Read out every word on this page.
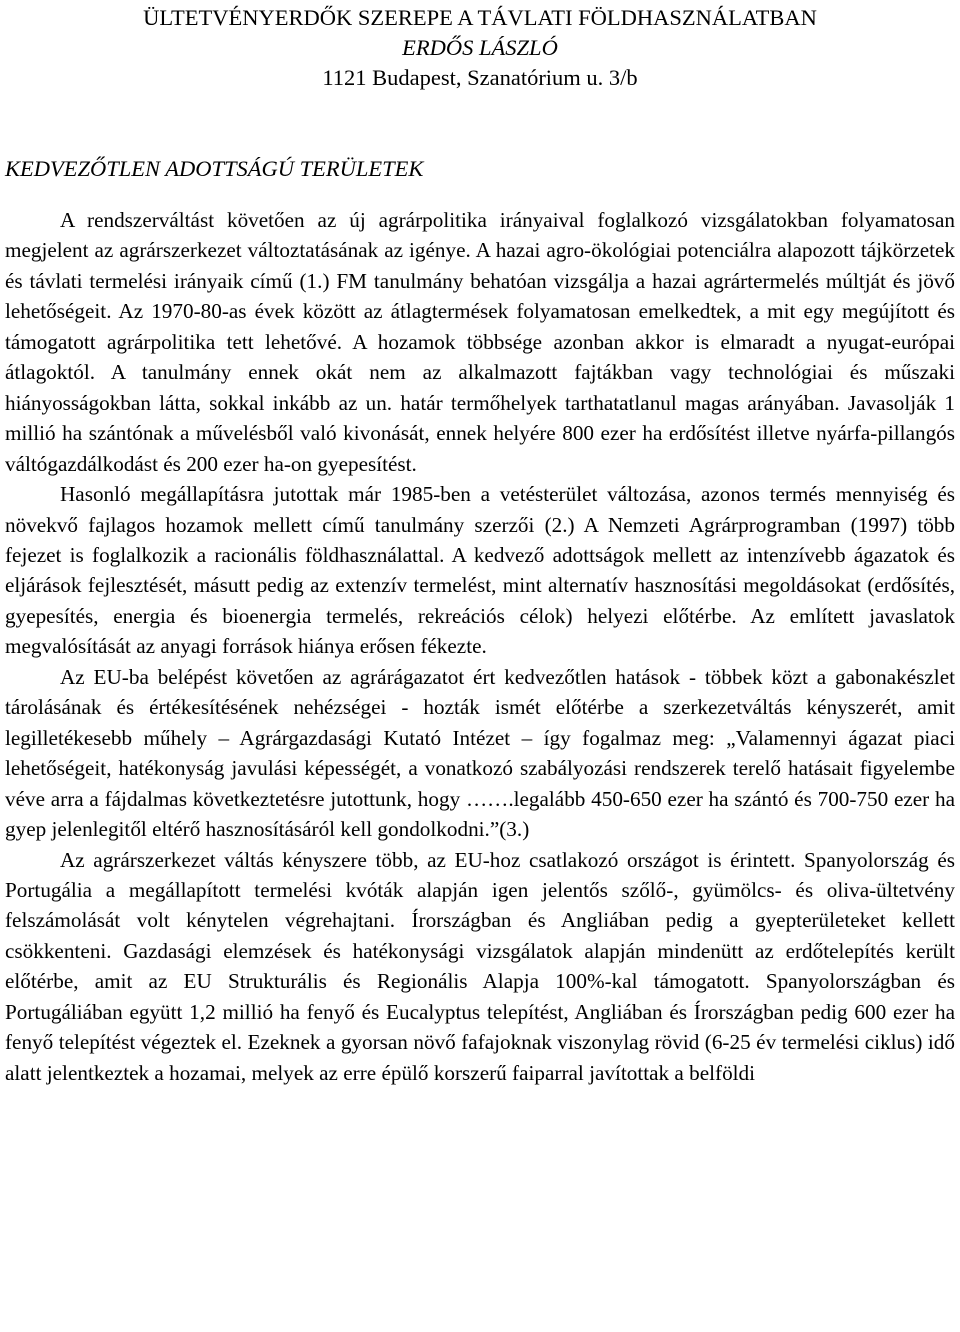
ÜLTETVÉNYERDŐK SZEREPE A TÁVLATI FÖLDHASZNÁLATBAN
ERDŐS LÁSZLÓ
1121 Budapest, Szanatórium u. 3/b
KEDVEZŐTLEN ADOTTSÁGÚ TERÜLETEK

A rendszerváltást követően az új agrárpolitika irányaival foglalkozó vizsgálatokban folyamatosan megjelent az agrárszerkezet változtatásának az igénye. A hazai agro-ökológiai potenciálra alapozott tájkörzetek és távlati termelési irányaik című (1.) FM tanulmány behatóan vizsgálja a hazai agrártermelés múltját és jövő lehetőségeit. Az 1970-80-as évek között az átlagtermések folyamatosan emelkedtek, a mit egy megújított és támogatott agrárpolitika tett lehetővé. A hozamok többsége azonban akkor is elmaradt a nyugat-európai átlagoktól. A tanulmány ennek okát nem az alkalmazott fajtákban vagy technológiai és műszaki hiányosságokban látta, sokkal inkább az un. határ termőhelyek tarthatatlanul magas arányában. Javasolják 1 millió ha szántónak a művelésből való kivonását, ennek helyére 800 ezer ha erdősítést illetve nyárfa-pillangós váltógazdálkodást és 200 ezer ha-on gyepesítést.

Hasonló megállapításra jutottak már 1985-ben a vetésterület változása, azonos termés mennyiség és növekvő fajlagos hozamok mellett című tanulmány szerzői (2.) A Nemzeti Agrárprogramban (1997) több fejezet is foglalkozik a racionális földhasználattal. A kedvező adottságok mellett az intenzívebb ágazatok és eljárások fejlesztését, másutt pedig az extenzív termelést, mint alternatív hasznosítási megoldásokat (erdősítés, gyepesítés, energia és bioenergia termelés, rekreációs célok) helyezi előtérbe. Az említett javaslatok megvalósítását az anyagi források hiánya erősen fékezte.

Az EU-ba belépést követően az agrárágazatot ért kedvezőtlen hatások - többek közt a gabonakészlet tárolásának és értékesítésének nehézségei - hozták ismét előtérbe a szerkezetváltás kényszerét, amit legilletékesebb műhely – Agrárgazdasági Kutató Intézet – így fogalmaz meg: „Valamennyi ágazat piaci lehetőségeit, hatékonyság javulási képességét, a vonatkozó szabályozási rendszerek terelő hatásait figyelembe véve arra a fájdalmas következtetésre jutottunk, hogy …….legalább 450-650 ezer ha szántó és 700-750 ezer ha gyep jelenlegitől eltérő hasznosításáról kell gondolkodni.”(3.)

Az agrárszerkezet váltás kényszere több, az EU-hoz csatlakozó országot is érintett. Spanyolország és Portugália a megállapított termelési kvóták alapján igen jelentős szőlő-, gyümölcs- és oliva-ültetvény felszámolását volt kénytelen végrehajtani. Írországban és Angliában pedig a gyepterületeket kellett csökkenteni. Gazdasági elemzések és hatékonysági vizsgálatok alapján mindenütt az erdőtelepítés került előtérbe, amit az EU Strukturális és Regionális Alapja 100%-kal támogatott. Spanyolországban és Portugáliában együtt 1,2 millió ha fenyő és Eucalyptus telepítést, Angliában és Írországban pedig 600 ezer ha fenyő telepítést végeztek el. Ezeknek a gyorsan növő fafajoknak viszonylag rövid (6-25 év termelési ciklus) idő alatt jelentkeztek a hozamai, melyek az erre épülő korszerű faiparral javítottak a belföldi
